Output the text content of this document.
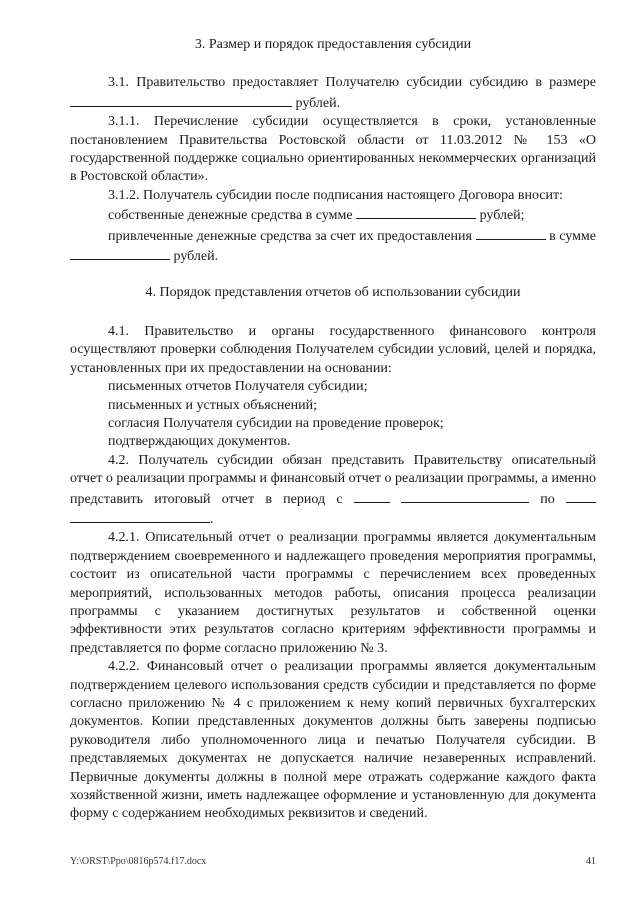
3. Размер и порядок предоставления субсидии

3.1. Правительство предоставляет Получателю субсидии субсидию в размере  рублей.

3.1.1. Перечисление субсидии осуществляется в сроки, установленные постановлением Правительства Ростовской области от 11.03.2012 № 153 «О государственной поддержке социально ориентированных некоммерческих организаций в Ростовской области».

3.1.2. Получатель субсидии после подписания настоящего Договора вносит:

собственные денежные средства в сумме	рублей;

привлеченные денежные средства за счет их предоставления	в сумме  рублей.

4. Порядок представления отчетов об использовании субсидии

4.1. Правительство и органы государственного финансового контроля осуществляют проверки соблюдения Получателем субсидии условий, целей и порядка, установленных при их предоставлении на основании:

письменных отчетов Получателя субсидии;

письменных и устных объяснений;

согласия Получателя субсидии на проведение проверок;

подтверждающих документов.

4.2. Получатель субсидии обязан представить Правительству описательный отчет о реализации программы и финансовый отчет о реализации программы, а именно представить итоговый отчет в период с	по  .

4.2.1. Описательный отчет о реализации программы является документальным подтверждением своевременного и надлежащего проведения мероприятия программы, состоит из описательной части программы с перечислением всех проведенных мероприятий, использованных методов работы, описания процесса реализации программы с указанием достигнутых результатов и собственной оценки эффективности этих результатов согласно критериям эффективности программы и представляется по форме согласно приложению № 3.

4.2.2. Финансовый отчет о реализации программы является документальным подтверждением целевого использования средств субсидии и представляется по форме согласно приложению № 4 с приложением к нему копий первичных бухгалтерских документов. Копии представленных документов должны быть заверены подписью руководителя либо уполномоченного лица и печатью Получателя субсидии. В представляемых документах не допускается наличие незаверенных исправлений. Первичные документы должны в полной мере отражать содержание каждого факта хозяйственной жизни, иметь надлежащее оформление и установленную для документа форму с содержанием необходимых реквизитов и сведений.

Y:\ORST\Ppo\0816p574.f17.docx	41
